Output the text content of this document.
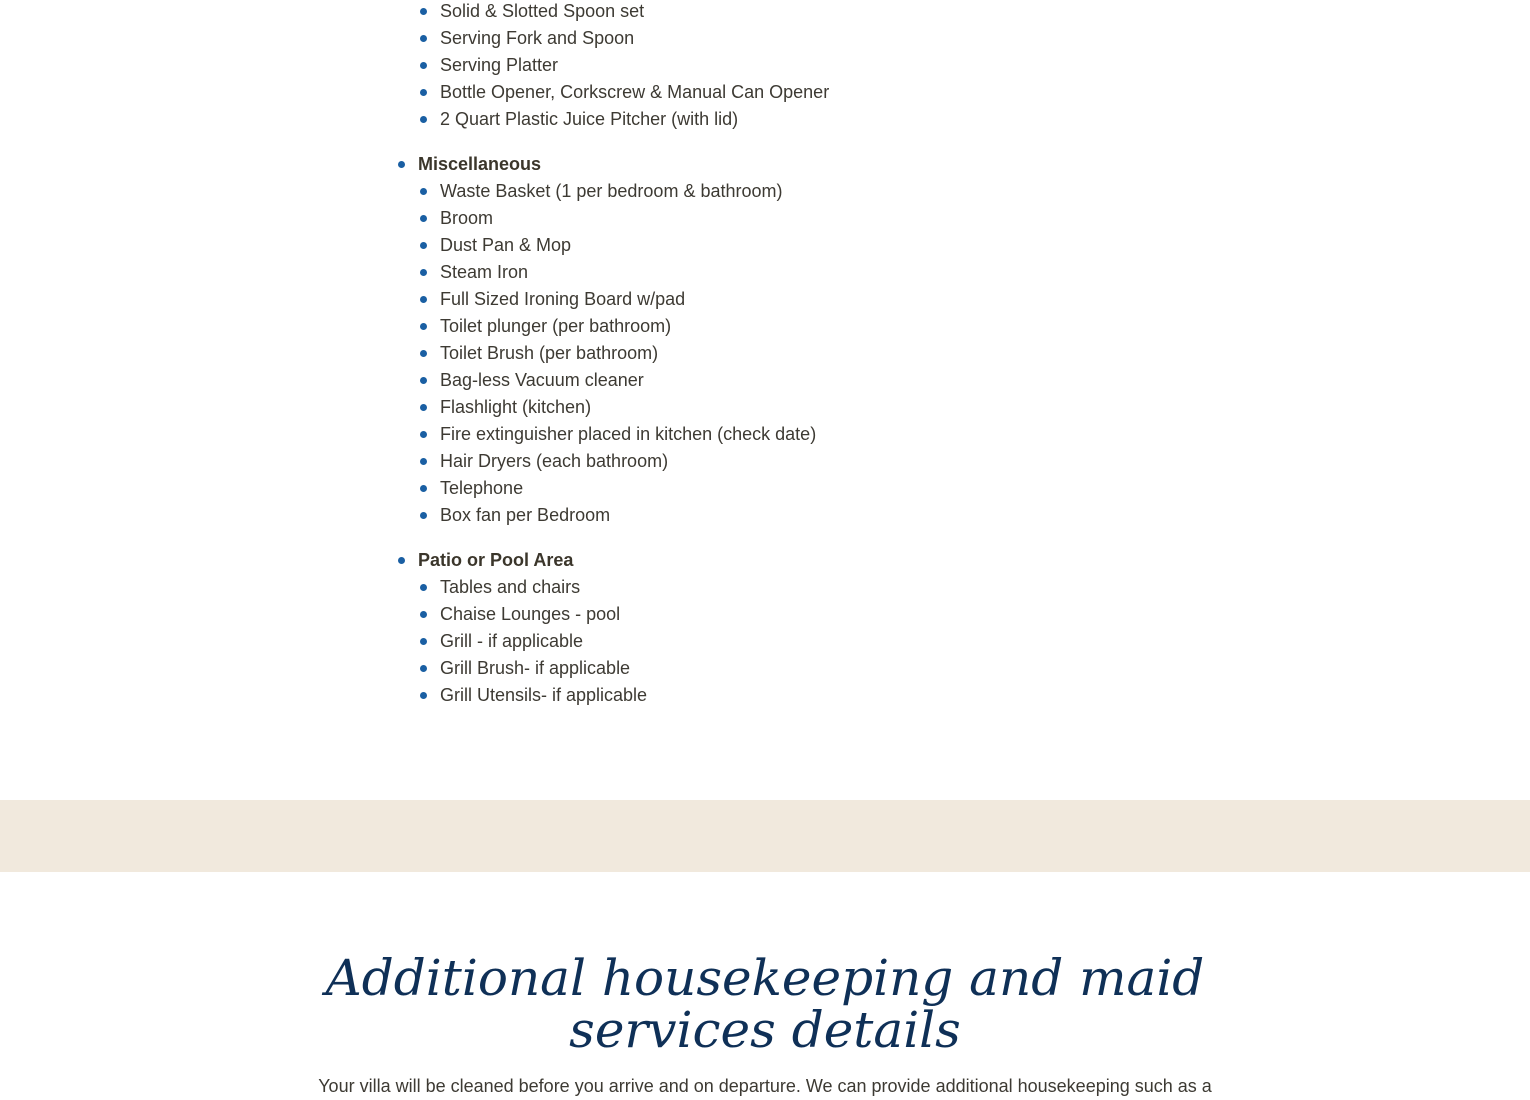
Solid & Slotted Spoon set
Serving Fork and Spoon
Serving Platter
Bottle Opener, Corkscrew & Manual Can Opener
2 Quart Plastic Juice Pitcher (with lid)
Miscellaneous
Waste Basket (1 per bedroom & bathroom)
Broom
Dust Pan & Mop
Steam Iron
Full Sized Ironing Board w/pad
Toilet plunger (per bathroom)
Toilet Brush (per bathroom)
Bag-less Vacuum cleaner
Flashlight (kitchen)
Fire extinguisher placed in kitchen (check date)
Hair Dryers (each bathroom)
Telephone
Box fan per Bedroom
Patio or Pool Area
Tables and chairs
Chaise Lounges - pool
Grill - if applicable
Grill Brush- if applicable
Grill Utensils- if applicable
Additional housekeeping and maid services details

Your villa will be cleaned before you arrive and on departure. We can provide additional housekeeping such as a
